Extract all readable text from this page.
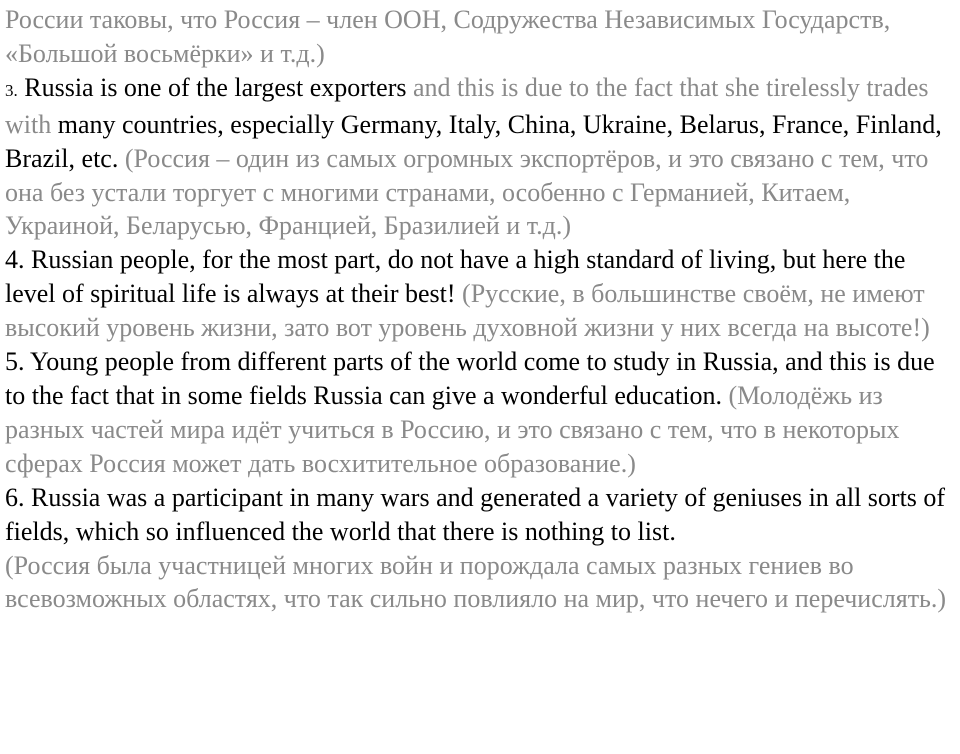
России таковы, что Россия – член ООН, Содружества Независимых Государств, «Большой восьмёрки» и т.д.)

3. Russia is one of the largest exporters and this is due to the fact that she tirelessly trades with many countries, especially Germany, Italy, China, Ukraine, Belarus, France, Finland, Brazil, etc. (Россия – один из самых огромных экспортёров, и это связано с тем, что она без устали торгует с многими странами, особенно с Германией, Китаем, Украиной, Беларусью, Францией, Бразилией и т.д.)

4. Russian people, for the most part, do not have a high standard of living, but here the level of spiritual life is always at their best! (Русские, в большинстве своём, не имеют высокий уровень жизни, зато вот уровень духовной жизни у них всегда на высоте!)

5. Young people from different parts of the world come to study in Russia, and this is due to the fact that in some fields Russia can give a wonderful education. (Молодёжь из разных частей мира идёт учиться в Россию, и это связано с тем, что в некоторых сферах Россия может дать восхитительное образование.)

6. Russia was a participant in many wars and generated a variety of geniuses in all sorts of fields, which so influenced the world that there is nothing to list.
(Россия была участницей многих войн и порождала самых разных гениев во всевозможных областях, что так сильно повлияло на мир, что нечего и перечислять.)
